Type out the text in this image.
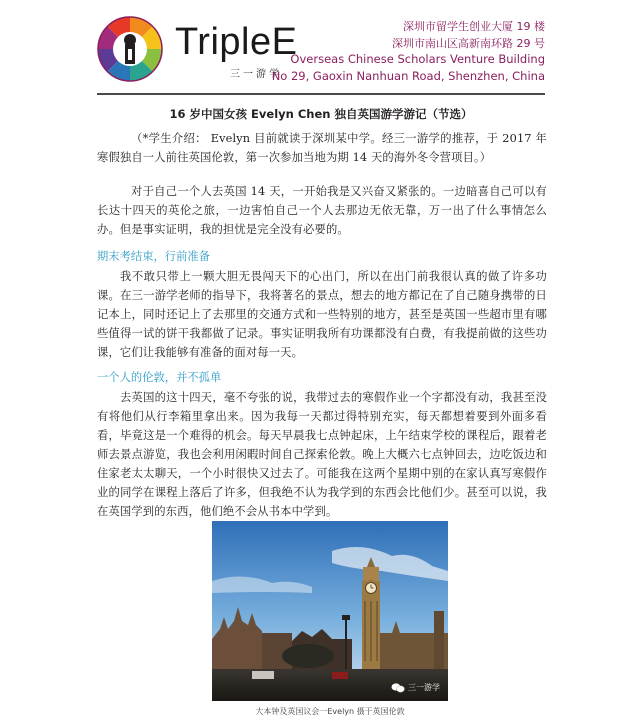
TripleE
三一游学
深圳市留学生创业大厦 19 楼
深圳市南山区高新南环路 29 号
Overseas Chinese Scholars Venture Building
No 29, Gaoxin Nanhuan Road, Shenzhen, China
16 岁中国女孩 Evelyn Chen 独自英国游学游记（节选）
（*学生介绍： Evelyn 目前就读于深圳某中学。经三一游学的推荐，于 2017 年寒假独自一人前往英国伦敦，第一次参加当地为期 14 天的海外冬令营项目。）
对于自己一个人去英国 14 天，一开始我是又兴奋又紧张的。一边暗喜自己可以有长达十四天的英伦之旅，一边害怕自己一个人去那边无依无靠，万一出了什么事情怎么办。但是事实证明，我的担忧是完全没有必要的。
期末考结束，行前准备
我不敢只带上一颗大胆无畏闯天下的心出门，所以在出门前我很认真的做了许多功课。在三一游学老师的指导下，我将著名的景点，想去的地方都记在了自己随身携带的日记本上，同时还记上了去那里的交通方式和一些特别的地方，甚至是英国一些超市里有哪些值得一试的饼干我都做了记录。事实证明我所有功课都没有白费，有我提前做的这些功课，它们让我能够有准备的面对每一天。
一个人的伦敦，并不孤单
去英国的这十四天，毫不夸张的说，我带过去的寒假作业一个字都没有动，我甚至没有将他们从行李箱里拿出来。因为我每一天都过得特别充实，每天都想着要到外面多看看，毕竟这是一个难得的机会。每天早晨我七点钟起床，上午结束学校的课程后，跟着老师去景点游览，我也会利用闲暇时间自己探索伦敦。晚上大概六七点钟回去，边吃饭边和住家老太太聊天，一个小时很快又过去了。可能我在这两个星期中别的在家认真写寒假作业的同学在课程上落后了许多，但我绝不认为我学到的东西会比他们少。甚至可以说，我在英国学到的东西，他们绝不会从书本中学到。
三一游学
大本钟及英国议会一Evelyn 摄于英国伦敦
